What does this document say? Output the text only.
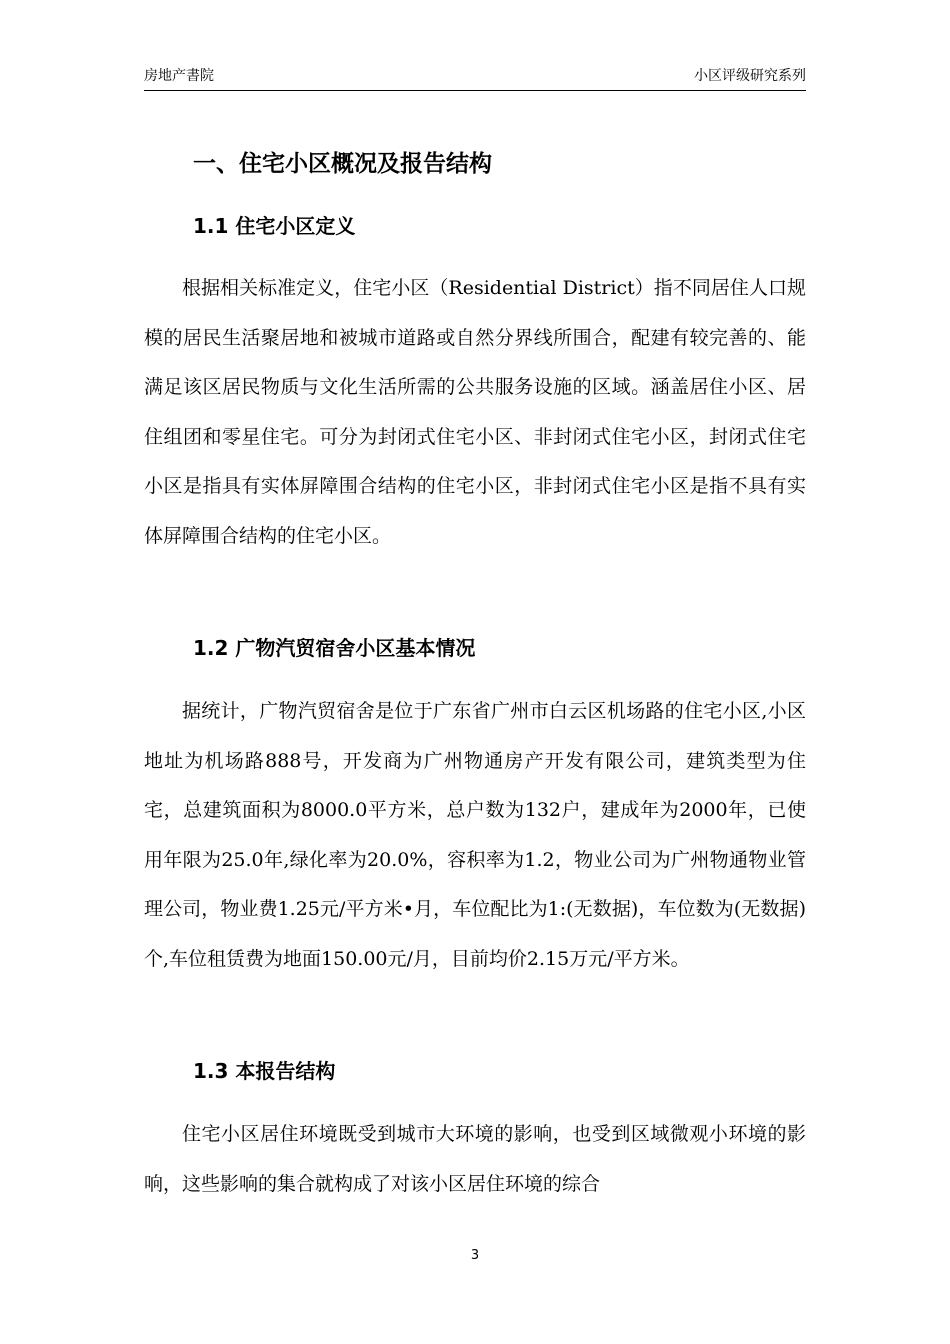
房地产書院	小区评级研究系列
一、住宅小区概况及报告结构
1.1 住宅小区定义

根据相关标准定义，住宅小区（Residential District）指不同居住人口规模的居民生活聚居地和被城市道路或自然分界线所围合，配建有较完善的、能满足该区居民物质与文化生活所需的公共服务设施的区域。涵盖居住小区、居住组团和零星住宅。可分为封闭式住宅小区、非封闭式住宅小区，封闭式住宅小区是指具有实体屏障围合结构的住宅小区，非封闭式住宅小区是指不具有实体屏障围合结构的住宅小区。

1.2 广物汽贸宿舍小区基本情况

据统计，广物汽贸宿舍是位于广东省广州市白云区机场路的住宅小区,小区地址为机场路888号，开发商为广州物通房产开发有限公司，建筑类型为住宅，总建筑面积为8000.0平方米，总户数为132户，建成年为2000年，已使用年限为25.0年,绿化率为20.0%，容积率为1.2，物业公司为广州物通物业管理公司，物业费1.25元/平方米•月，车位配比为1:(无数据)，车位数为(无数据)个,车位租赁费为地面150.00元/月，目前均价2.15万元/平方米。

1.3 本报告结构

住宅小区居住环境既受到城市大环境的影响，也受到区域微观小环境的影响，这些影响的集合就构成了对该小区居住环境的综合

3
